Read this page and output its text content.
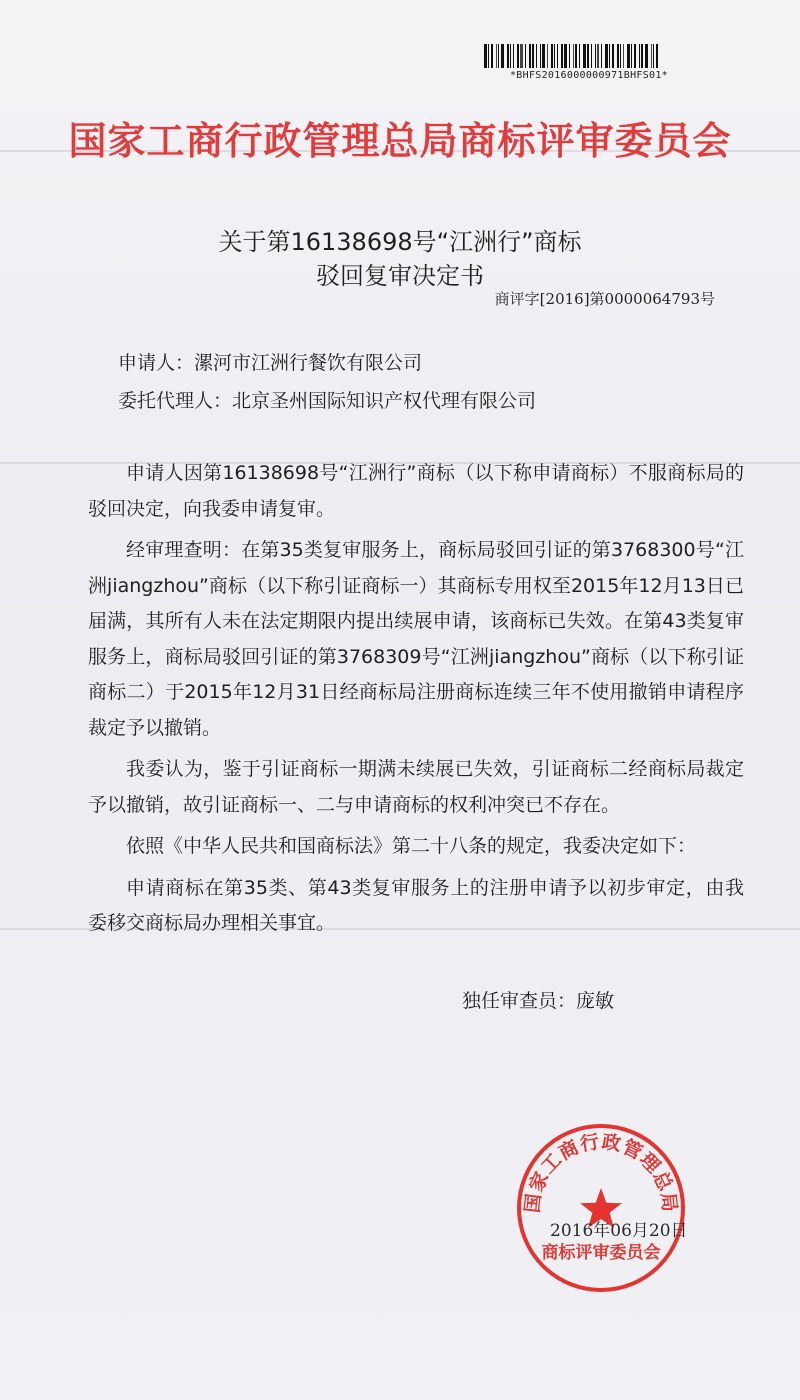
*BHFS2016000000971BHFS01*
国家工商行政管理总局商标评审委员会
关于第16138698号“江洲行”商标
驳回复审决定书
商评字[2016]第0000064793号
申请人：漯河市江洲行餐饮有限公司
委托代理人：北京圣州国际知识产权代理有限公司

申请人因第16138698号“江洲行”商标（以下称申请商标）不服商标局的驳回决定，向我委申请复审。

经审理查明：在第35类复审服务上，商标局驳回引证的第3768300号“江洲jiangzhou”商标（以下称引证商标一）其商标专用权至2015年12月13日已届满，其所有人未在法定期限内提出续展申请，该商标已失效。在第43类复审服务上，商标局驳回引证的第3768309号“江洲jiangzhou”商标（以下称引证商标二）于2015年12月31日经商标局注册商标连续三年不使用撤销申请程序裁定予以撤销。

我委认为，鉴于引证商标一期满未续展已失效，引证商标二经商标局裁定予以撤销，故引证商标一、二与申请商标的权利冲突已不存在。

依照《中华人民共和国商标法》第二十八条的规定，我委决定如下：

申请商标在第35类、第43类复审服务上的注册申请予以初步审定，由我委移交商标局办理相关事宜。

独任审查员：庞敏
国家工商行政管理总局
商标评审委员会
2016年06月20日
